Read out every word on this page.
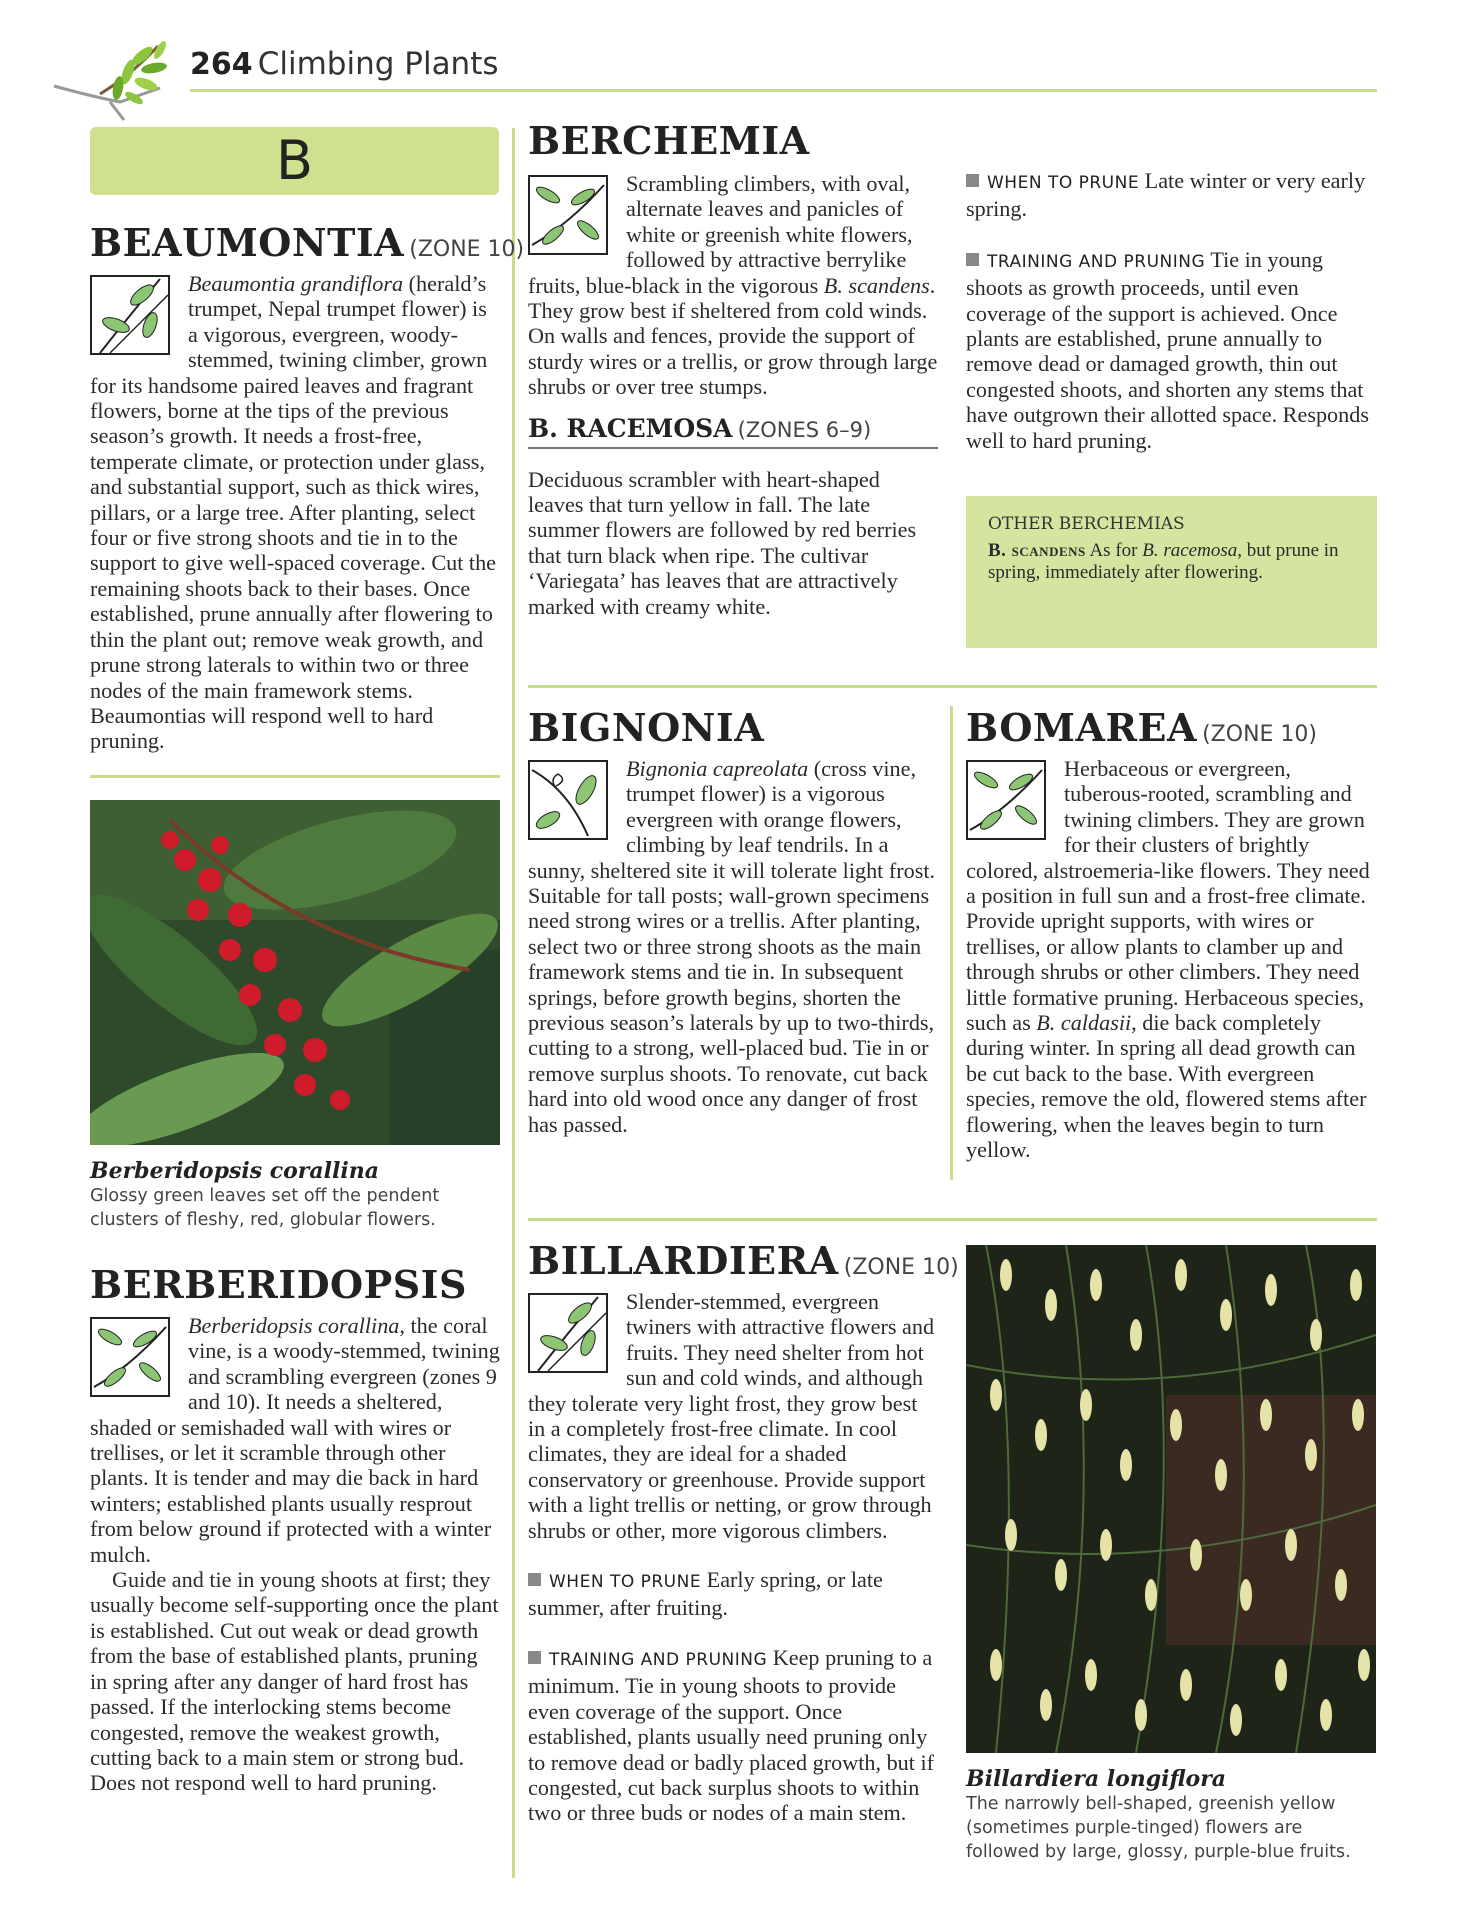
264 Climbing Plants
B
BEAUMONTIA (ZONE 10)

Beaumontia grandiflora (herald’s trumpet, Nepal trumpet flower) is a vigorous, evergreen, woody-stemmed, twining climber, grown for its handsome paired leaves and fragrant flowers, borne at the tips of the previous season’s growth. It needs a frost-free, temperate climate, or protection under glass, and substantial support, such as thick wires, pillars, or a large tree. After planting, select four or five strong shoots and tie in to the support to give well-spaced coverage. Cut the remaining shoots back to their bases. Once established, prune annually after flowering to thin the plant out; remove weak growth, and prune strong laterals to within two or three nodes of the main framework stems. Beaumontias will respond well to hard pruning.

Berberidopsis corallina
Glossy green leaves set off the pendent clusters of fleshy, red, globular flowers.
BERBERIDOPSIS

Berberidopsis corallina, the coral vine, is a woody-stemmed, twining and scrambling evergreen (zones 9 and 10). It needs a sheltered, shaded or semishaded wall with wires or trellises, or let it scramble through other plants. It is tender and may die back in hard winters; established plants usually resprout from below ground if protected with a winter mulch.

Guide and tie in young shoots at first; they usually become self-supporting once the plant is established. Cut out weak or dead growth from the base of established plants, pruning in spring after any danger of hard frost has passed. If the interlocking stems become congested, remove the weakest growth, cutting back to a main stem or strong bud. Does not respond well to hard pruning.

BERCHEMIA

Scrambling climbers, with oval, alternate leaves and panicles of white or greenish white flowers, followed by attractive berrylike fruits, blue-black in the vigorous B. scandens. They grow best if sheltered from cold winds. On walls and fences, provide the support of sturdy wires or a trellis, or grow through large shrubs or over tree stumps.

B. RACEMOSA (ZONES 6–9)

Deciduous scrambler with heart-shaped leaves that turn yellow in fall. The late summer flowers are followed by red berries that turn black when ripe. The cultivar ‘Variegata’ has leaves that are attractively marked with creamy white.

BIGNONIA

Bignonia capreolata (cross vine, trumpet flower) is a vigorous evergreen with orange flowers, climbing by leaf tendrils. In a sunny, sheltered site it will tolerate light frost. Suitable for tall posts; wall-grown specimens need strong wires or a trellis. After planting, select two or three strong shoots as the main framework stems and tie in. In subsequent springs, before growth begins, shorten the previous season’s laterals by up to two-thirds, cutting to a strong, well-placed bud. Tie in or remove surplus shoots. To renovate, cut back hard into old wood once any danger of frost has passed.

BILLARDIERA (ZONE 10)

Slender-stemmed, evergreen twiners with attractive flowers and fruits. They need shelter from hot sun and cold winds, and although they tolerate very light frost, they grow best in a completely frost-free climate. In cool climates, they are ideal for a shaded conservatory or greenhouse. Provide support with a light trellis or netting, or grow through shrubs or other, more vigorous climbers.

WHEN TO PRUNE Early spring, or late summer, after fruiting.

TRAINING AND PRUNING Keep pruning to a minimum. Tie in young shoots to provide even coverage of the support. Once established, plants usually need pruning only to remove dead or badly placed growth, but if congested, cut back surplus shoots to within two or three buds or nodes of a main stem.

WHEN TO PRUNE Late winter or very early spring.

TRAINING AND PRUNING Tie in young shoots as growth proceeds, until even coverage of the support is achieved. Once plants are established, prune annually to remove dead or damaged growth, thin out congested shoots, and shorten any stems that have outgrown their allotted space. Responds well to hard pruning.

OTHER BERCHEMIAS
B. scandens As for B. racemosa, but prune in spring, immediately after flowering.
BOMAREA (ZONE 10)

Herbaceous or evergreen, tuberous-rooted, scrambling and twining climbers. They are grown for their clusters of brightly colored, alstroemeria-like flowers. They need a position in full sun and a frost-free climate. Provide upright supports, with wires or trellises, or allow plants to clamber up and through shrubs or other climbers. They need little formative pruning. Herbaceous species, such as B. caldasii, die back completely during winter. In spring all dead growth can be cut back to the base. With evergreen species, remove the old, flowered stems after flowering, when the leaves begin to turn yellow.

Billardiera longiflora
The narrowly bell-shaped, greenish yellow (sometimes purple-tinged) flowers are followed by large, glossy, purple-blue fruits.
